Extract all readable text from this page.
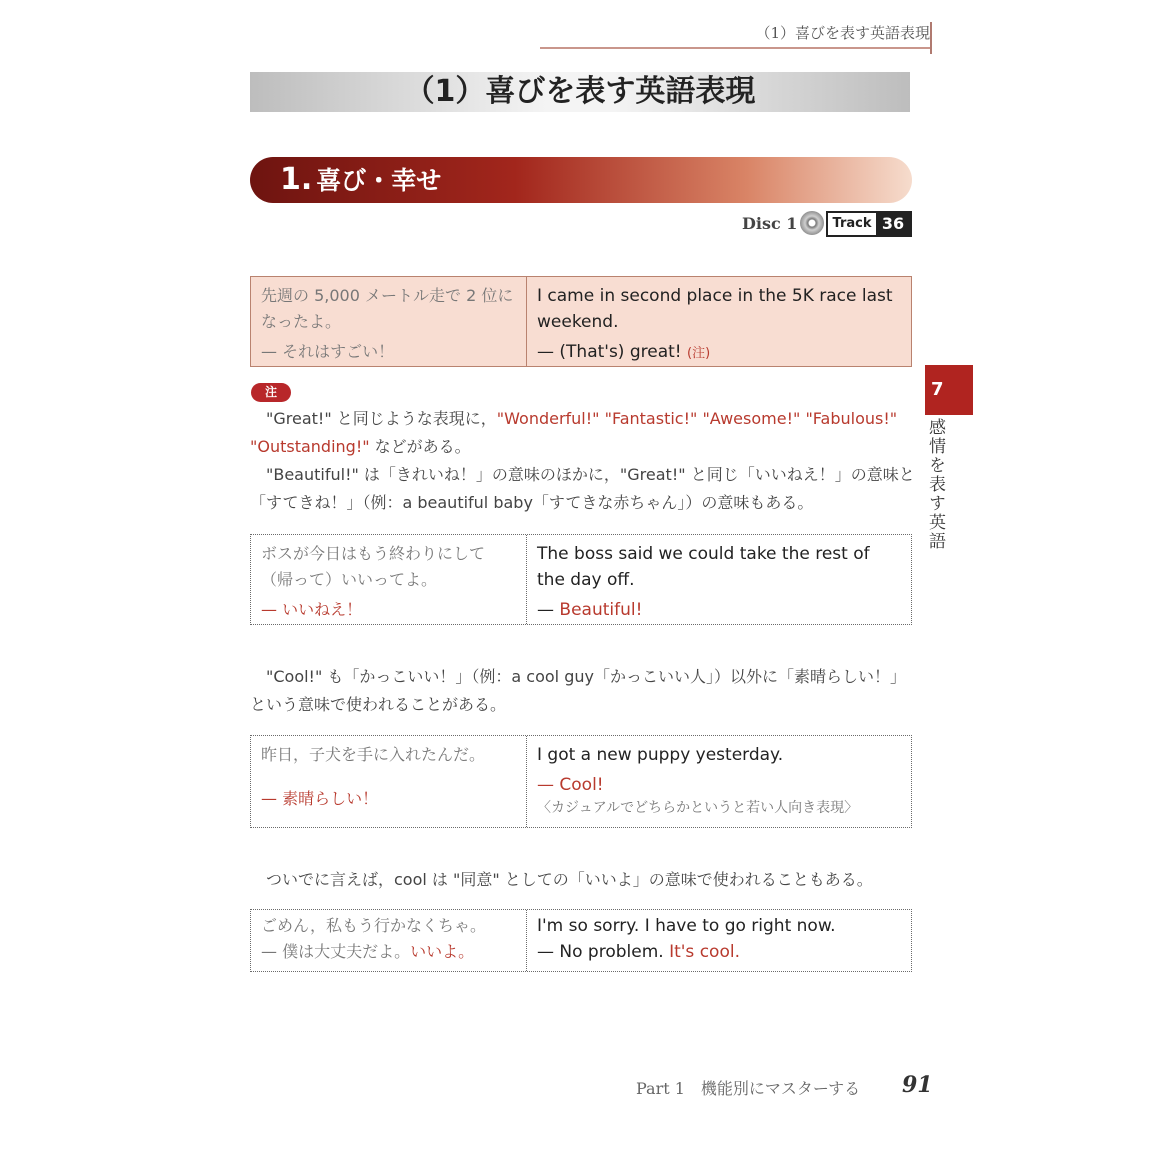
（1）喜びを表す英語表現
（1）喜びを表す英語表現
1. 喜び・幸せ
Disc 1	Track 36
先週の 5,000 メートル走で 2 位になったよ。
— それはすごい！
I came in second place in the 5K race last weekend.
— (That's) great! (注)
注
"Great!" と同じような表現に，"Wonderful!" "Fantastic!" "Awesome!" "Fabulous!" "Outstanding!" などがある。
"Beautiful!" は「きれいね！」の意味のほかに，"Great!" と同じ「いいねえ！」の意味と「すてきね！」（例：a beautiful baby「すてきな赤ちゃん」）の意味もある。
ボスが今日はもう終わりにして（帰って）いいってよ。
— いいねえ！
The boss said we could take the rest of the day off.
— Beautiful!
"Cool!" も「かっこいい！」（例：a cool guy「かっこいい人」）以外に「素晴らしい！」という意味で使われることがある。
昨日，子犬を手に入れたんだ。
— 素晴らしい！
I got a new puppy yesterday.
— Cool!
〈カジュアルでどちらかというと若い人向き表現〉
ついでに言えば，cool は "同意" としての「いいよ」の意味で使われることもある。
ごめん，私もう行かなくちゃ。
— 僕は大丈夫だよ。いいよ。
I'm so sorry. I have to go right now.
— No problem. It's cool.
7
感情を表す英語
Part 1　機能別にマスターする 91
